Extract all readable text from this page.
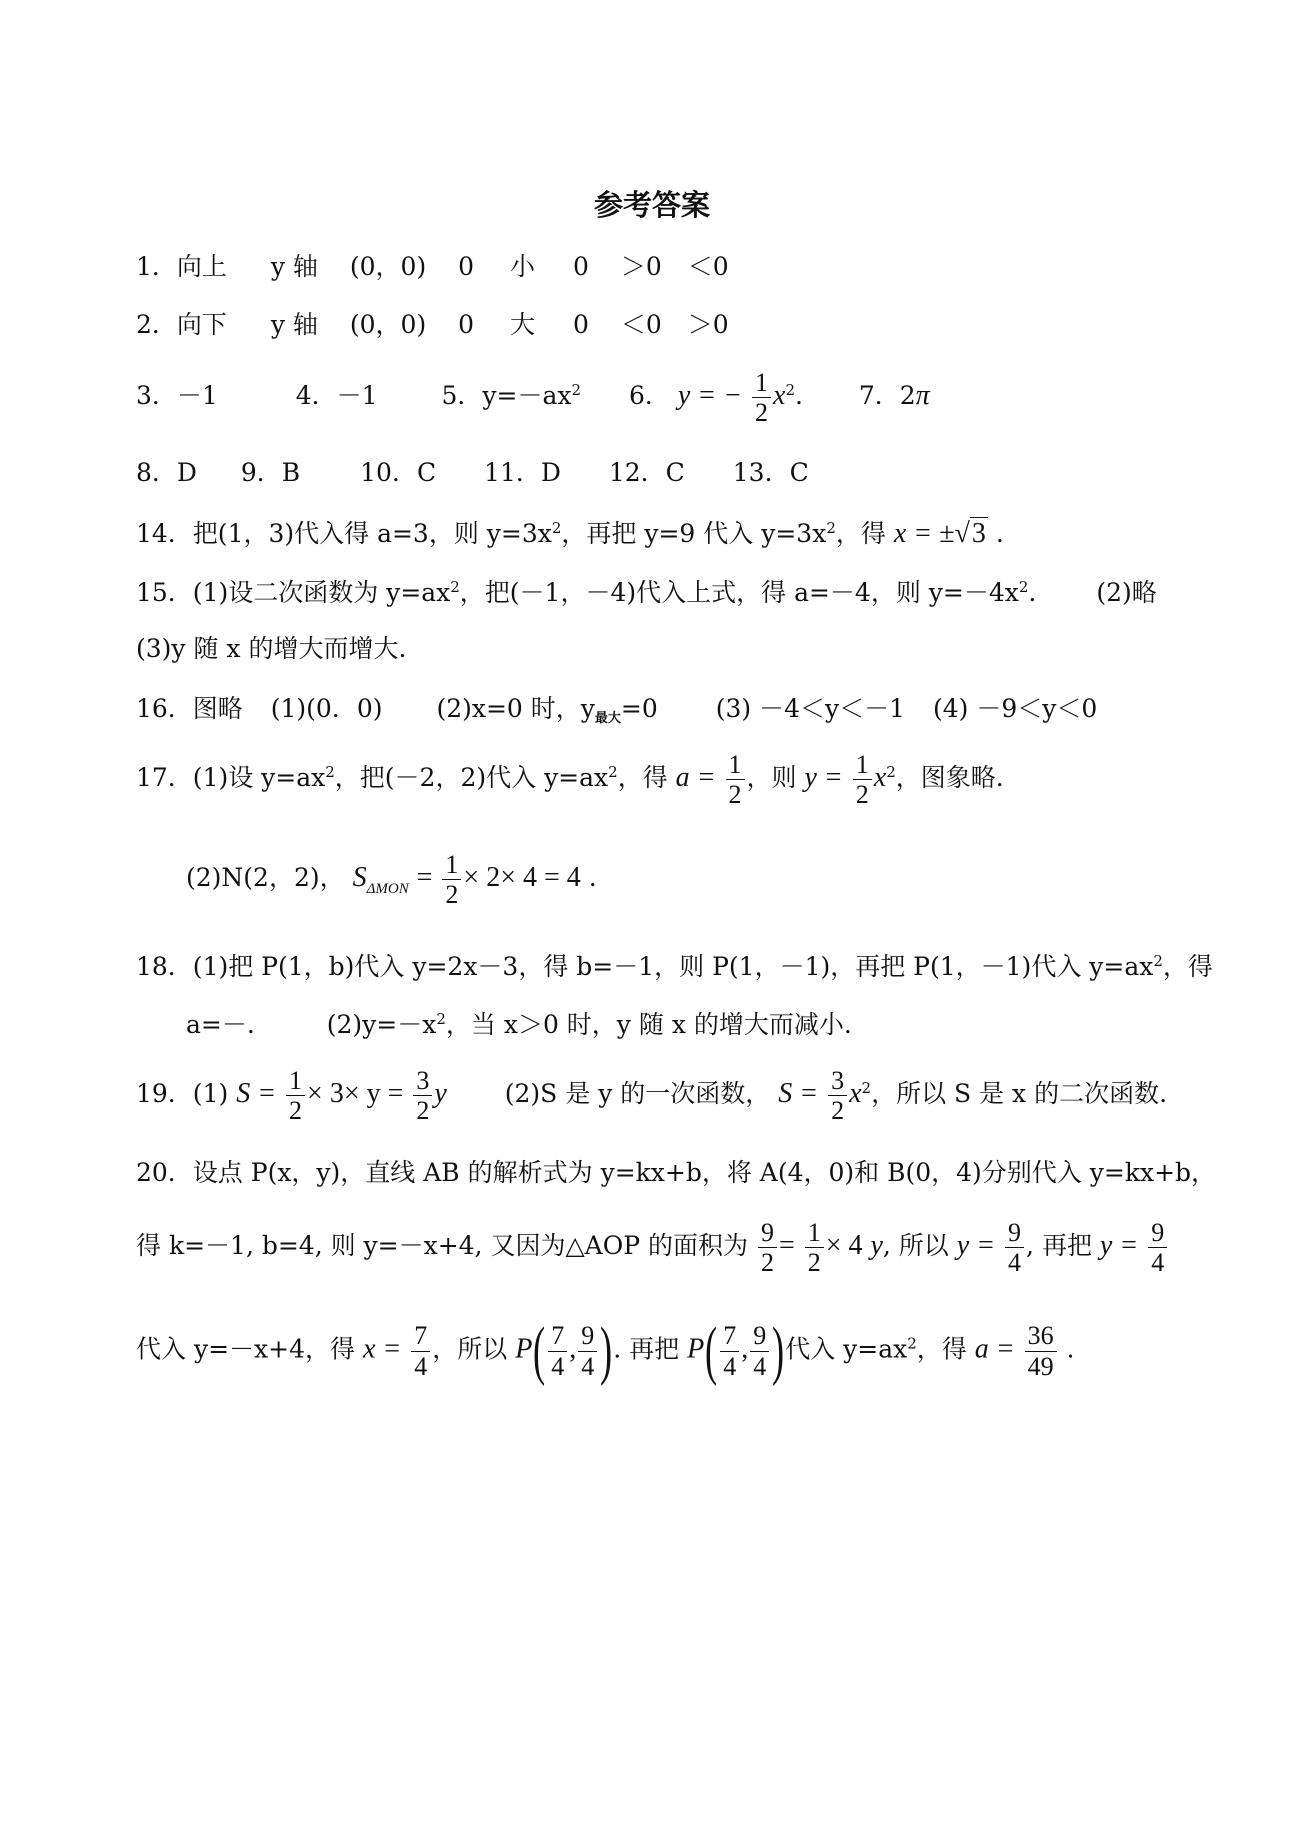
参考答案
1．向上 y 轴 (0，0) 0 小 0 ＞0 ＜0
2．向下 y 轴 (0，0) 0 大 0 ＜0 ＞0
3．－1	4．－1	5．$y=-ax^2$ 6． y = − $\frac{1}{2} x^2$. 7．2π
8．D 9．B 10．C 11．D 12．C 13．C
14．把(1，3)代入得 a=3，则 $y=3x^2$，再把 y=9 代入 $y=3x^2$，得 x = ±√3 .
15．(1)设二次函数为 $y=ax^2$，把(－1，－4)代入上式，得 a=－4，则 $y=-4x^2$. (2)略
(3)y 随 x 的增大而增大.
16．图略 (1)(0．0) (2)x=0 时，$y_{最大}=0$ (3) －4＜y＜－1 (4) －9＜y＜0
17．(1)设 $y=ax^2$，把(－2，2)代入 $y=ax^2$，得 $a = \frac{1}{2}$ ，则 $y = \frac{1}{2} x^2$，图象略.
(2)N(2，2)， $S_{\Delta MON} = \frac{1}{2} \times 2\times 4 = 4$ .
18．(1)把 P(1，b)代入 y=2x－3，得 b=－1，则 P(1，－1)，再把 P(1，－1)代入 $y=ax^2$，得
a=－.	$(2)y=-x^2$，当 x＞0 时，y 随 x 的增大而减小.
19．(1) $S = \frac{1}{2} \times 3\times y = \frac{3}{2}$ y (2)S 是 y 的一次函数， $S = \frac{3}{2} x^2$，所以 S 是 x 的二次函数.
20．设点 P(x，y)，直线 AB 的解析式为 y=kx+b，将 A(4，0)和 B(0，4)分别代入 y=kx+b，
得 k=－1, b=4, 则 y=－x+4, 又因为△AOP 的面积为 $\frac{9}{2} = \frac{1}{2} \times 4$ y, 所以 $y = \frac{9}{4}$ , 再把 $y = \frac{9}{4}$
代入 y=－x+4，得 $x = \frac{7}{4}$ ，所以 $P( \frac{7}{4}$ , $\frac{9}{4}$ ). 再把 $P( \frac{7}{4}$ , $\frac{9}{4}$ )代入 $y=ax^2$，得 $a = \frac{36}{49}$ .
